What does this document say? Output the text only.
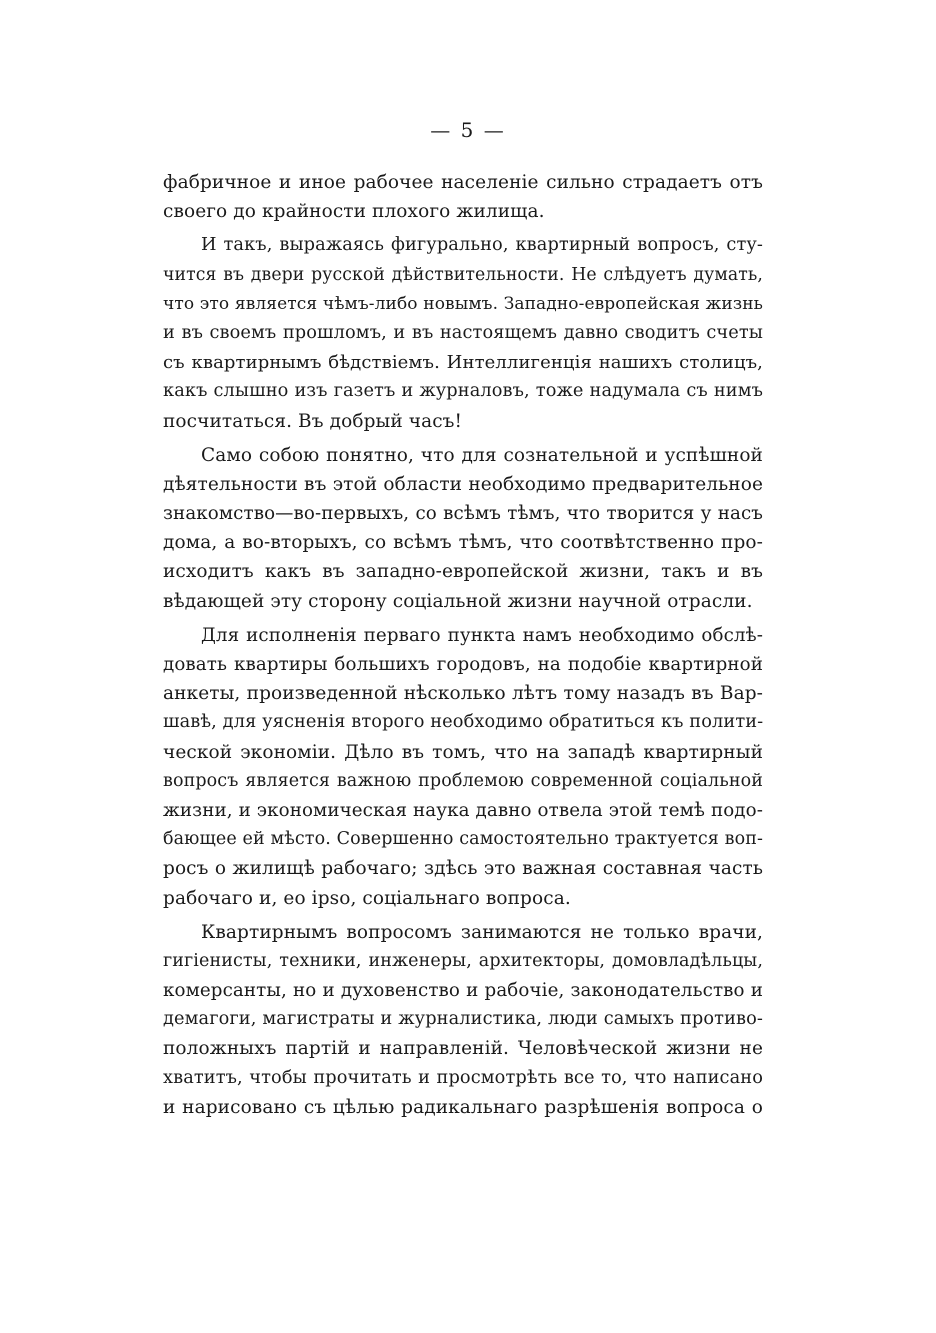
— 5 —
фабричное и иное рабочее населеніе сильно страдаетъ отъ
своего до крайности плохого жилища.
И такъ, выражаясь фигурально, квартирный вопросъ, сту-
чится въ двери русской дѣйствительности. Не слѣдуетъ думать,
что это является чѣмъ-либо новымъ. Западно-европейская жизнь
и въ своемъ прошломъ, и въ настоящемъ давно сводитъ счеты
съ квартирнымъ бѣдствіемъ. Интеллигенція нашихъ столицъ,
какъ слышно изъ газетъ и журналовъ, тоже надумала съ нимъ
посчитаться. Въ добрый часъ!
Само собою понятно, что для сознательной и успѣшной
дѣятельности въ этой области необходимо предварительное
знакомство—во-первыхъ, со всѣмъ тѣмъ, что творится у насъ
дома, а во-вторыхъ, со всѣмъ тѣмъ, что соотвѣтственно про-
исходитъ какъ въ западно-европейской жизни, такъ и въ
вѣдающей эту сторону соціальной жизни научной отрасли.
Для исполненія перваго пункта намъ необходимо обслѣ-
довать квартиры большихъ городовъ, на подобіе квартирной
анкеты, произведенной нѣсколько лѣтъ тому назадъ въ Вар-
шавѣ, для уясненія второго необходимо обратиться къ полити-
ческой экономіи. Дѣло въ томъ, что на западѣ квартирный
вопросъ является важною проблемою современной соціальной
жизни, и экономическая наука давно отвела этой темѣ подо-
бающее ей мѣсто. Совершенно самостоятельно трактуется воп-
росъ о жилищѣ рабочаго; здѣсь это важная составная часть
рабочаго и, eo ipso, соціальнаго вопроса.
Квартирнымъ вопросомъ занимаются не только врачи,
гигіенисты, техники, инженеры, архитекторы, домовладѣльцы,
комерсанты, но и духовенство и рабочіе, законодательство и
демагоги, магистраты и журналистика, люди самыхъ противо-
положныхъ партій и направленій. Человѣческой жизни не
хватитъ, чтобы прочитать и просмотрѣть все то, что написано
и нарисовано съ цѣлью радикальнаго разрѣшенія вопроса о
